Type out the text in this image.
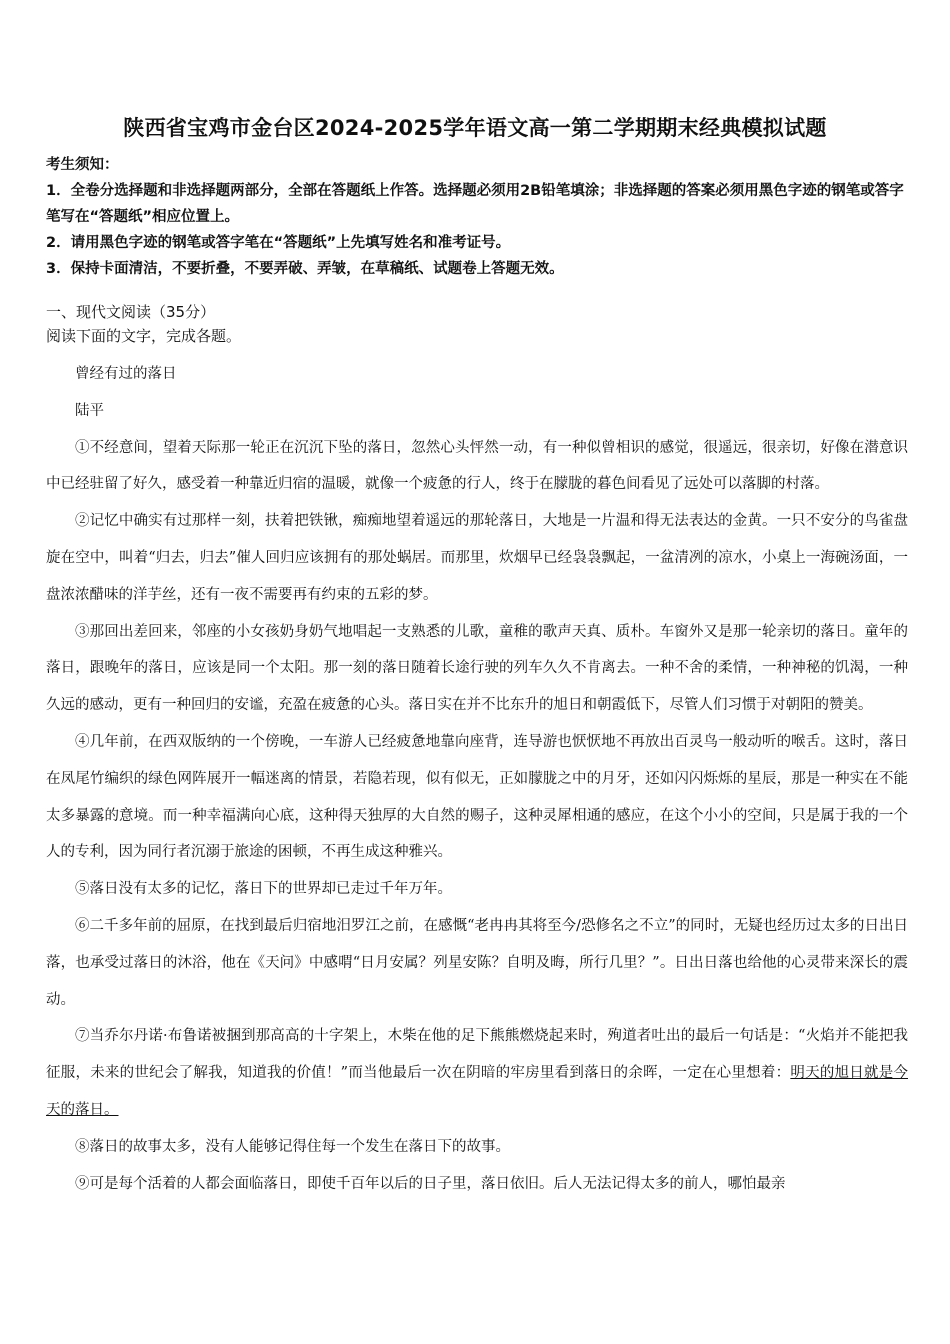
陕西省宝鸡市金台区2024-2025学年语文高一第二学期期末经典模拟试题
考生须知：
1．全卷分选择题和非选择题两部分，全部在答题纸上作答。选择题必须用2B铅笔填涂；非选择题的答案必须用黑色字迹的钢笔或答字笔写在“答题纸”相应位置上。
2．请用黑色字迹的钢笔或答字笔在“答题纸”上先填写姓名和准考证号。
3．保持卡面清洁，不要折叠，不要弄破、弄皱，在草稿纸、试题卷上答题无效。
一、现代文阅读（35分）
阅读下面的文字，完成各题。

曾经有过的落日

陆平

①不经意间，望着天际那一轮正在沉沉下坠的落日，忽然心头怦然一动，有一种似曾相识的感觉，很遥远，很亲切，好像在潜意识中已经驻留了好久，感受着一种靠近归宿的温暖，就像一个疲惫的行人，终于在朦胧的暮色间看见了远处可以落脚的村落。

②记忆中确实有过那样一刻，扶着把铁锹，痴痴地望着遥远的那轮落日，大地是一片温和得无法表达的金黄。一只不安分的鸟雀盘旋在空中，叫着“归去，归去”催人回归应该拥有的那处蜗居。而那里，炊烟早已经袅袅飘起，一盆清冽的凉水，小桌上一海碗汤面，一盘浓浓醋味的洋芋丝，还有一夜不需要再有约束的五彩的梦。

③那回出差回来，邻座的小女孩奶身奶气地唱起一支熟悉的儿歌，童稚的歌声天真、质朴。车窗外又是那一轮亲切的落日。童年的落日，跟晚年的落日，应该是同一个太阳。那一刻的落日随着长途行驶的列车久久不肯离去。一种不舍的柔情，一种神秘的饥渴，一种久远的感动，更有一种回归的安谧，充盈在疲惫的心头。落日实在并不比东升的旭日和朝霞低下，尽管人们习惯于对朝阳的赞美。

④几年前，在西双版纳的一个傍晚，一车游人已经疲惫地靠向座背，连导游也恹恹地不再放出百灵鸟一般动听的喉舌。这时，落日在凤尾竹编织的绿色网阵展开一幅迷离的情景，若隐若现，似有似无，正如朦胧之中的月牙，还如闪闪烁烁的星辰，那是一种实在不能太多暴露的意境。而一种幸福满向心底，这种得天独厚的大自然的赐子，这种灵犀相通的感应，在这个小小的空间，只是属于我的一个人的专利，因为同行者沉溺于旅途的困顿，不再生成这种雅兴。

⑤落日没有太多的记忆，落日下的世界却已走过千年万年。

⑥二千多年前的屈原，在找到最后归宿地汨罗江之前，在感慨“老冉冉其将至今/恐修名之不立”的同时，无疑也经历过太多的日出日落，也承受过落日的沐浴，他在《天问》中感喟“日月安属？列星安陈？自明及晦，所行几里？”。日出日落也给他的心灵带来深长的震动。

⑦当乔尔丹诺·布鲁诺被捆到那高高的十字架上，木柴在他的足下熊熊燃烧起来时，殉道者吐出的最后一句话是：“火焰并不能把我征服，未来的世纪会了解我，知道我的价值！”而当他最后一次在阴暗的牢房里看到落日的余晖，一定在心里想着：明天的旭日就是今天的落日。

⑧落日的故事太多，没有人能够记得住每一个发生在落日下的故事。

⑨可是每个活着的人都会面临落日，即使千百年以后的日子里，落日依旧。后人无法记得太多的前人，哪怕最亲
